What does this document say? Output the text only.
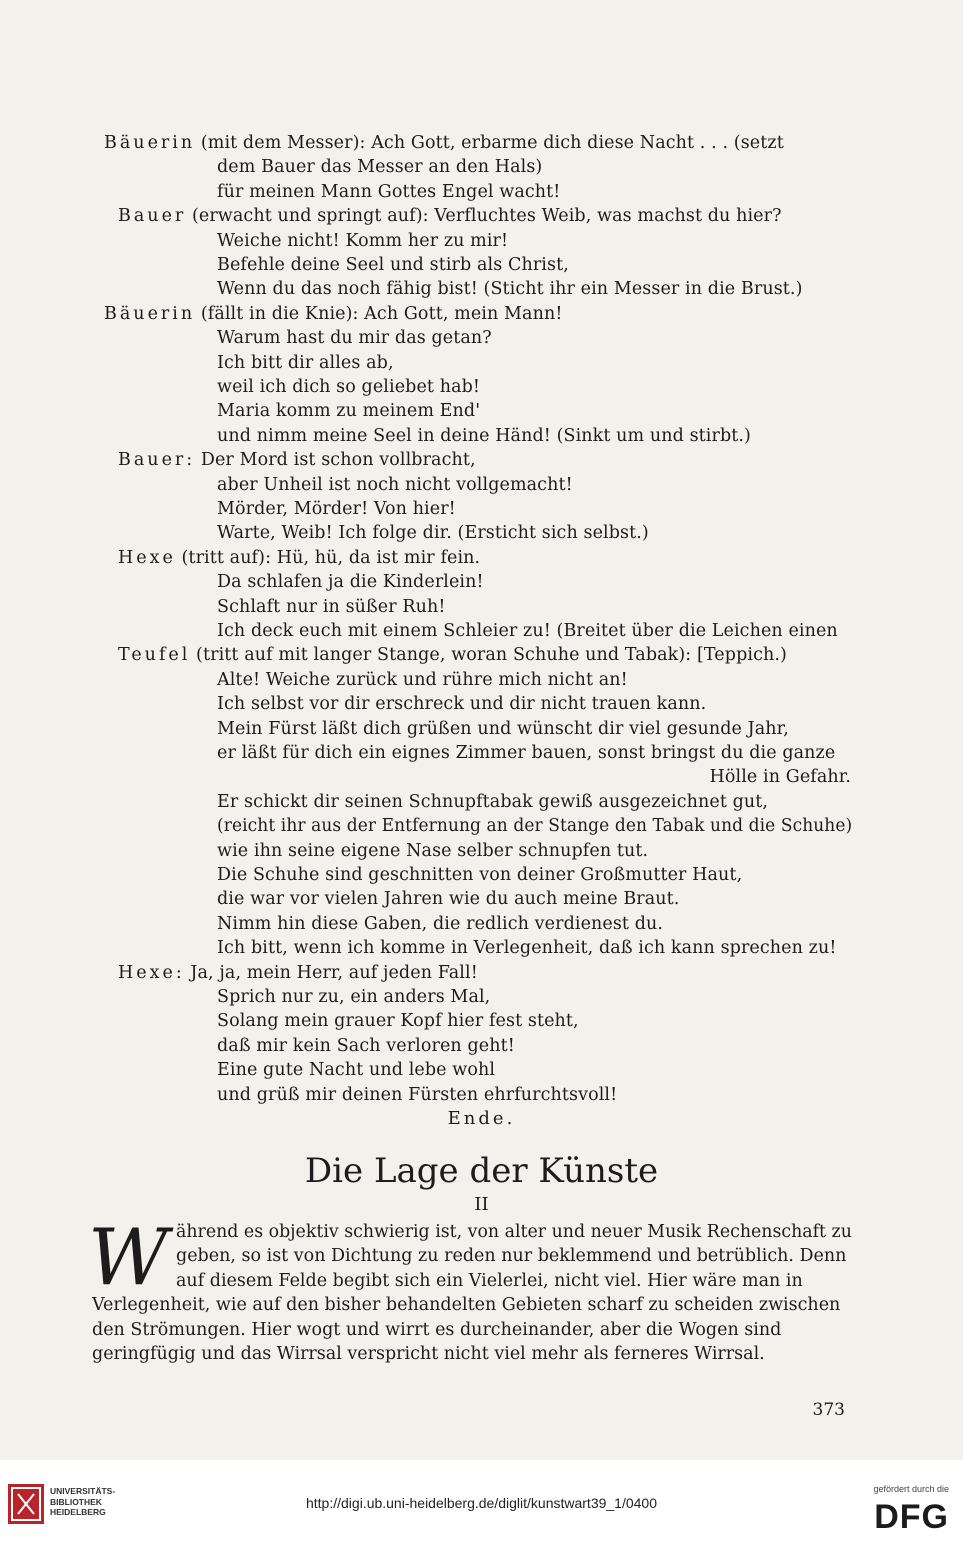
Bäuerin (mit dem Messer): Ach Gott, erbarme dich diese Nacht . . . (setzt
dem Bauer das Messer an den Hals)
für meinen Mann Gottes Engel wacht!
Bauer (erwacht und springt auf): Verfluchtes Weib, was machst du hier?
Weiche nicht! Komm her zu mir!
Befehle deine Seel und stirb als Christ,
Wenn du das noch fähig bist! (Sticht ihr ein Messer in die Brust.)
Bäuerin (fällt in die Knie): Ach Gott, mein Mann!
Warum hast du mir das getan?
Ich bitt dir alles ab,
weil ich dich so geliebet hab!
Maria komm zu meinem End'
und nimm meine Seel in deine Händ! (Sinkt um und stirbt.)
Bauer: Der Mord ist schon vollbracht,
aber Unheil ist noch nicht vollgemacht!
Mörder, Mörder! Von hier!
Warte, Weib! Ich folge dir. (Ersticht sich selbst.)
Hexe (tritt auf): Hü, hü, da ist mir fein.
Da schlafen ja die Kinderlein!
Schlaft nur in süßer Ruh!
Ich deck euch mit einem Schleier zu! (Breitet über die Leichen einen
Teufel (tritt auf mit langer Stange, woran Schuhe und Tabak): [Teppich.)
Alte! Weiche zurück und rühre mich nicht an!
Ich selbst vor dir erschreck und dir nicht trauen kann.
Mein Fürst läßt dich grüßen und wünscht dir viel gesunde Jahr,
er läßt für dich ein eignes Zimmer bauen, sonst bringst du die ganze
Hölle in Gefahr.
Er schickt dir seinen Schnupftabak gewiß ausgezeichnet gut,
(reicht ihr aus der Entfernung an der Stange den Tabak und die Schuhe)
wie ihn seine eigene Nase selber schnupfen tut.
Die Schuhe sind geschnitten von deiner Großmutter Haut,
die war vor vielen Jahren wie du auch meine Braut.
Nimm hin diese Gaben, die redlich verdienest du.
Ich bitt, wenn ich komme in Verlegenheit, daß ich kann sprechen zu!
Hexe: Ja, ja, mein Herr, auf jeden Fall!
Sprich nur zu, ein anders Mal,
Solang mein grauer Kopf hier fest steht,
daß mir kein Sach verloren geht!
Eine gute Nacht und lebe wohl
und grüß mir deinen Fürsten ehrfurchtsvoll!
Ende.
Die Lage der Künste
II
W ährend es objektiv schwierig ist, von alter und neuer Musik Rechenschaft zu
geben, so ist von Dichtung zu reden nur beklemmend und betrüblich. Denn
auf diesem Felde begibt sich ein Vielerlei, nicht viel. Hier wäre man in
Verlegenheit, wie auf den bisher behandelten Gebieten scharf zu scheiden zwischen
den Strömungen. Hier wogt und wirrt es durcheinander, aber die Wogen sind
geringfügig und das Wirrsal verspricht nicht viel mehr als ferneres Wirrsal.
373
UNIVERSITÄTS-
BIBLIOTHEK
HEIDELBERG
http://digi.ub.uni-heidelberg.de/diglit/kunstwart39_1/0400
gefördert durch die
DFG
